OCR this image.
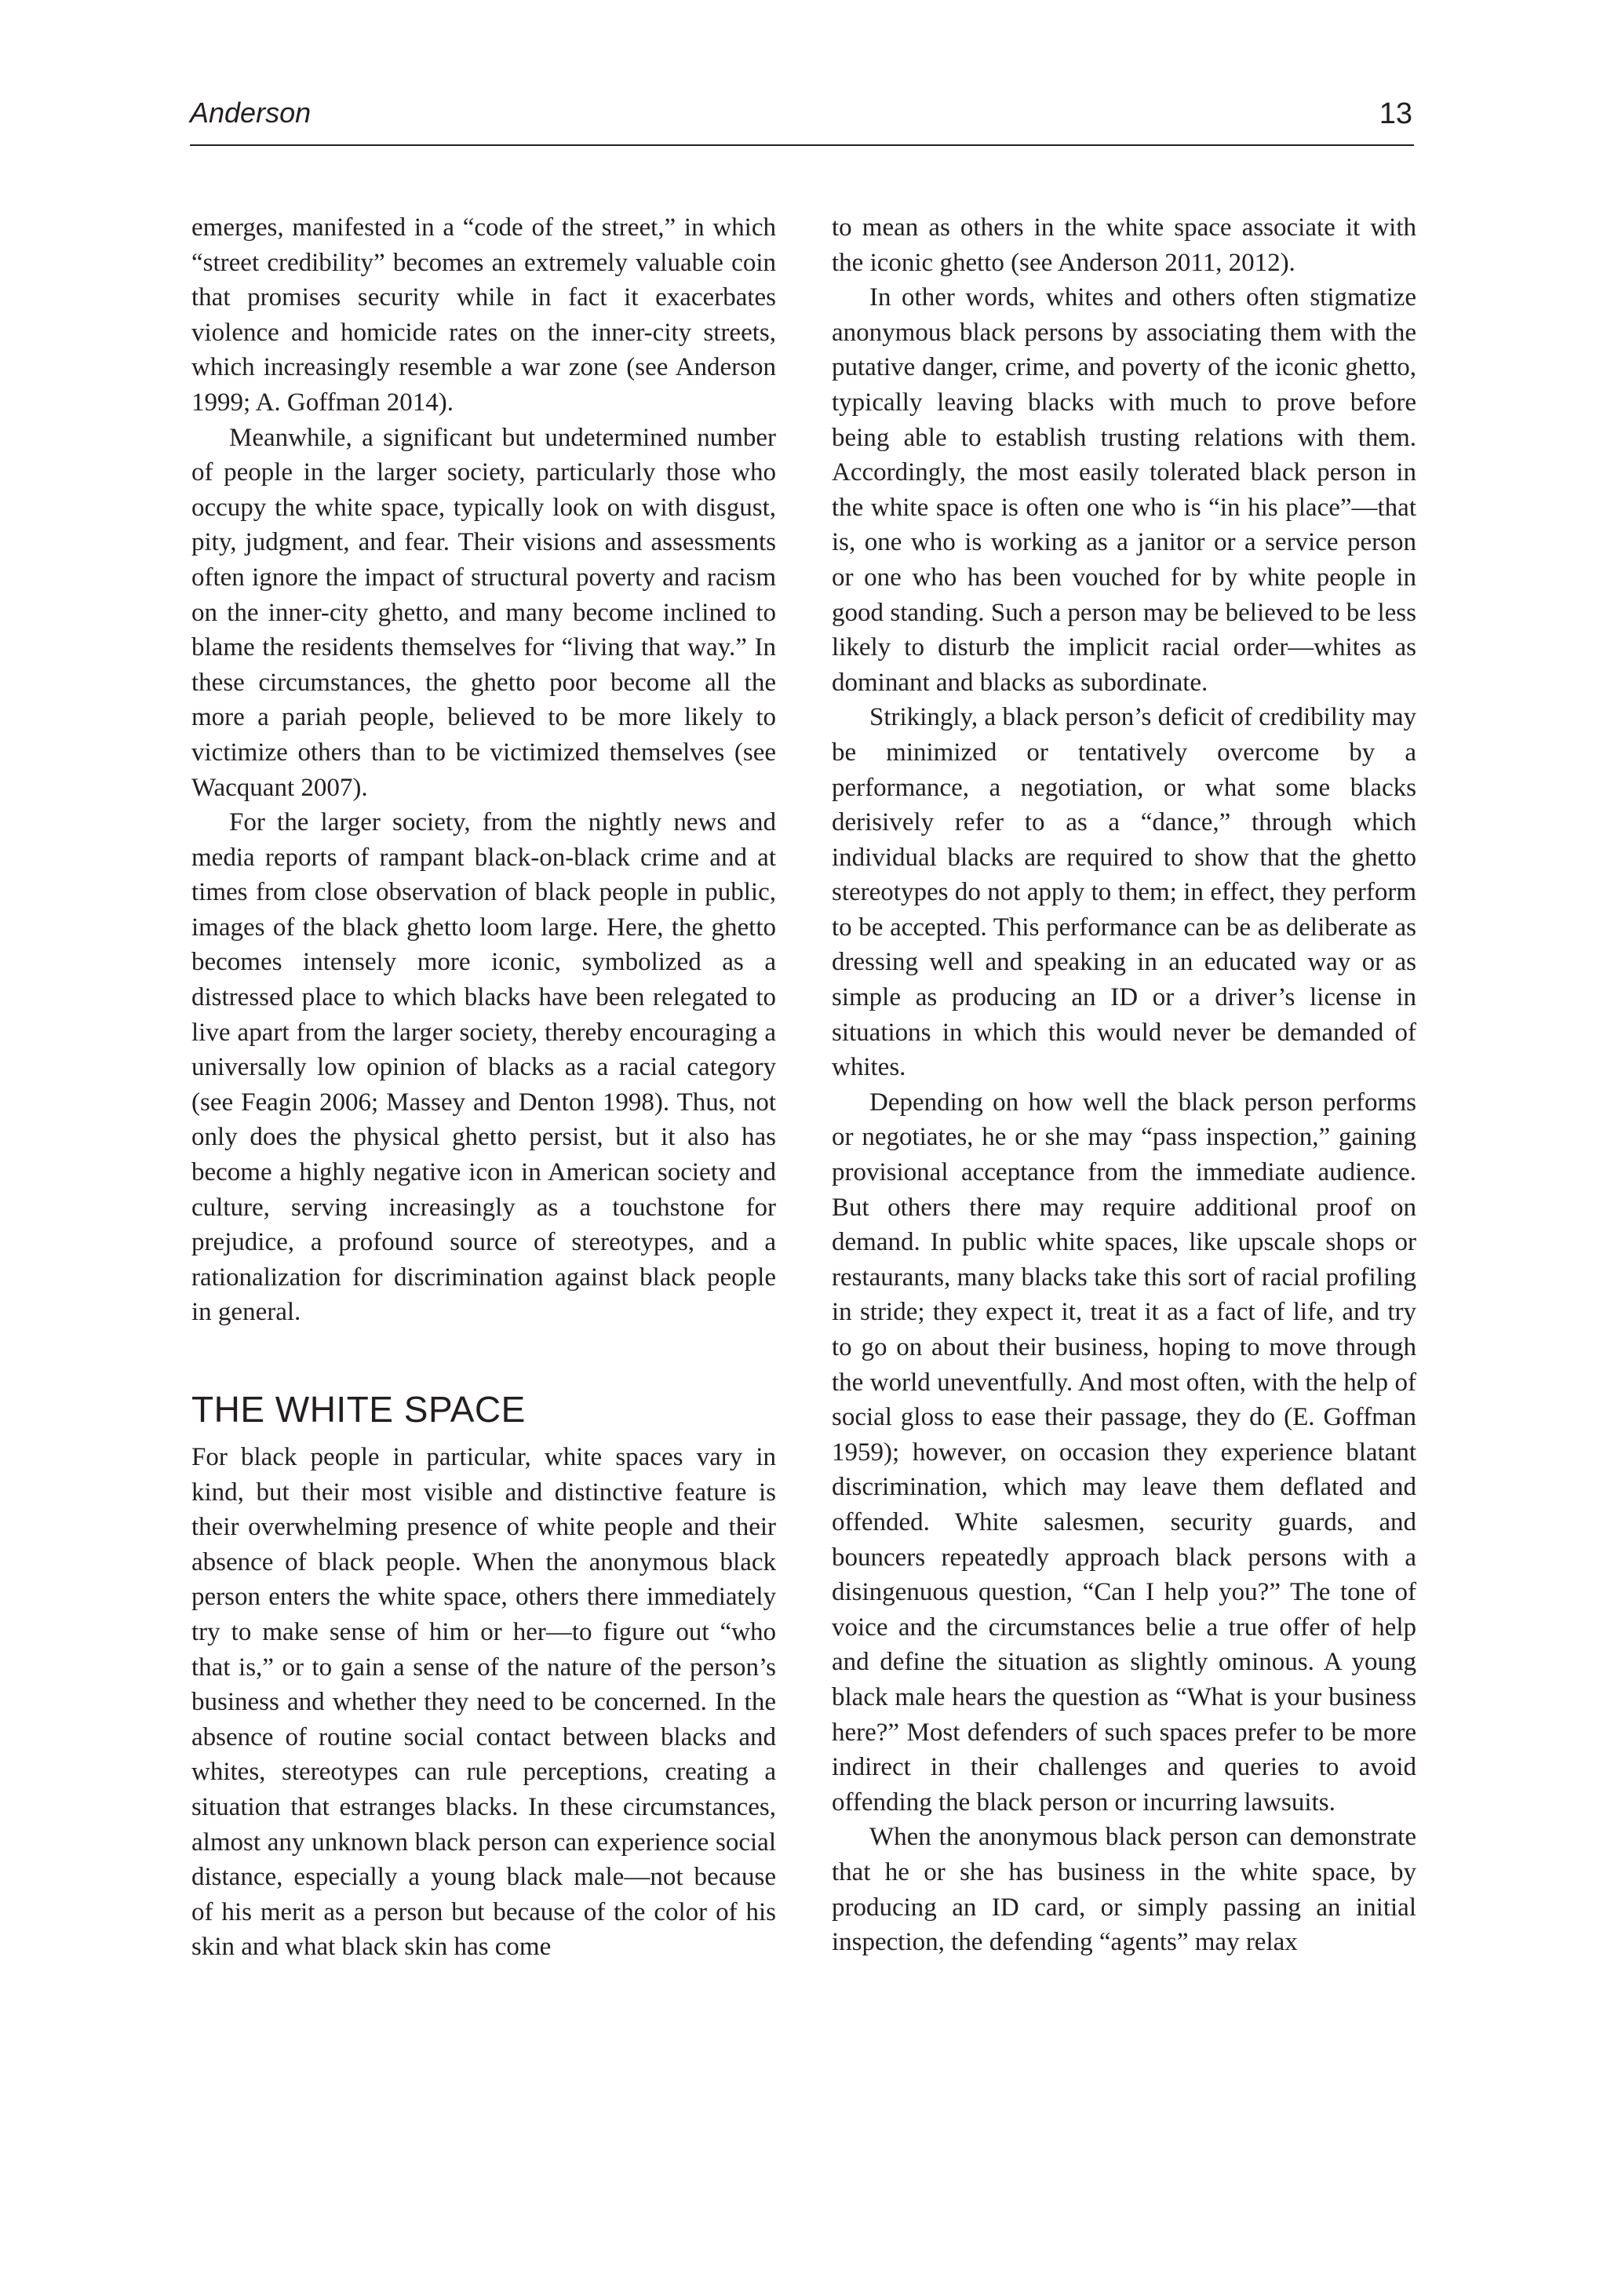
Anderson	13

emerges, manifested in a “code of the street,” in which “street credibility” becomes an extremely valuable coin that promises security while in fact it exacerbates violence and homicide rates on the inner-city streets, which increasingly resemble a war zone (see Anderson 1999; A. Goffman 2014).

Meanwhile, a significant but undetermined number of people in the larger society, particularly those who occupy the white space, typically look on with disgust, pity, judgment, and fear. Their visions and assessments often ignore the impact of structural poverty and racism on the inner-city ghetto, and many become inclined to blame the residents themselves for “living that way.” In these circumstances, the ghetto poor become all the more a pariah people, believed to be more likely to victimize others than to be victimized themselves (see Wacquant 2007).

For the larger society, from the nightly news and media reports of rampant black-on-black crime and at times from close observation of black people in public, images of the black ghetto loom large. Here, the ghetto becomes intensely more iconic, symbolized as a distressed place to which blacks have been relegated to live apart from the larger society, thereby encouraging a universally low opinion of blacks as a racial category (see Feagin 2006; Massey and Denton 1998). Thus, not only does the physical ghetto persist, but it also has become a highly negative icon in American society and culture, serving increasingly as a touchstone for prejudice, a profound source of stereotypes, and a rationalization for discrimination against black people in general.

THE WHITE SPACE

For black people in particular, white spaces vary in kind, but their most visible and distinctive feature is their overwhelming presence of white people and their absence of black people. When the anonymous black person enters the white space, others there immediately try to make sense of him or her—to figure out “who that is,” or to gain a sense of the nature of the person’s business and whether they need to be concerned. In the absence of routine social contact between blacks and whites, stereotypes can rule perceptions, creating a situation that estranges blacks. In these circumstances, almost any unknown black person can experience social distance, especially a young black male—not because of his merit as a person but because of the color of his skin and what black skin has come

to mean as others in the white space associate it with the iconic ghetto (see Anderson 2011, 2012).

In other words, whites and others often stigmatize anonymous black persons by associating them with the putative danger, crime, and poverty of the iconic ghetto, typically leaving blacks with much to prove before being able to establish trusting relations with them. Accordingly, the most easily tolerated black person in the white space is often one who is “in his place”—that is, one who is working as a janitor or a service person or one who has been vouched for by white people in good standing. Such a person may be believed to be less likely to disturb the implicit racial order—whites as dominant and blacks as subordinate.

Strikingly, a black person’s deficit of credibility may be minimized or tentatively overcome by a performance, a negotiation, or what some blacks derisively refer to as a “dance,” through which individual blacks are required to show that the ghetto stereotypes do not apply to them; in effect, they perform to be accepted. This performance can be as deliberate as dressing well and speaking in an educated way or as simple as producing an ID or a driver’s license in situations in which this would never be demanded of whites.

Depending on how well the black person performs or negotiates, he or she may “pass inspection,” gaining provisional acceptance from the immediate audience. But others there may require additional proof on demand. In public white spaces, like upscale shops or restaurants, many blacks take this sort of racial profiling in stride; they expect it, treat it as a fact of life, and try to go on about their business, hoping to move through the world uneventfully. And most often, with the help of social gloss to ease their passage, they do (E. Goffman 1959); however, on occasion they experience blatant discrimination, which may leave them deflated and offended. White salesmen, security guards, and bouncers repeatedly approach black persons with a disingenuous question, “Can I help you?” The tone of voice and the circumstances belie a true offer of help and define the situation as slightly ominous. A young black male hears the question as “What is your business here?” Most defenders of such spaces prefer to be more indirect in their challenges and queries to avoid offending the black person or incurring lawsuits.

When the anonymous black person can demonstrate that he or she has business in the white space, by producing an ID card, or simply passing an initial inspection, the defending “agents” may relax
